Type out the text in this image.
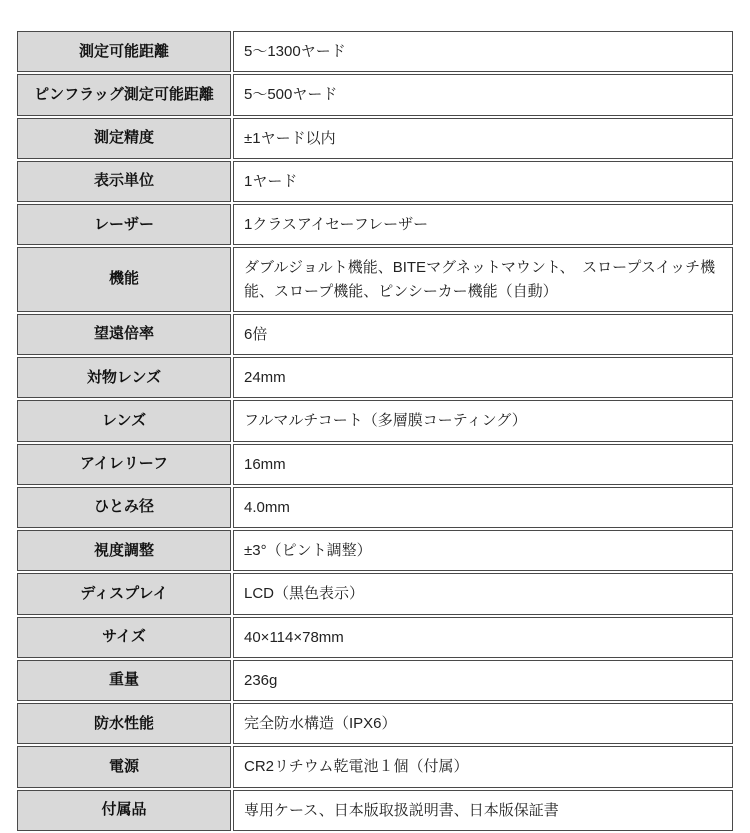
測定可能距離	5～1300ヤード
ピンフラッグ測定可能距離	5～500ヤード
測定精度	±1ヤード以内
表示単位	1ヤード
レーザー	1クラスアイセーフレーザー
機能	ダブルジョルト機能、BITEマグネットマウント、　スロープスイッチ機能、スロープ機能、ピンシーカー機能（自動）
望遠倍率	6倍
対物レンズ	24mm
レンズ	フルマルチコート（多層膜コーティング）
アイレリーフ	16mm
ひとみ径	4.0mm
視度調整	±3°（ピント調整）
ディスプレイ	LCD（黒色表示）
サイズ	40×114×78mm
重量	236g
防水性能	完全防水構造（IPX6）
電源	CR2リチウム乾電池１個（付属）
付属品	専用ケース、日本版取扱説明書、日本版保証書
